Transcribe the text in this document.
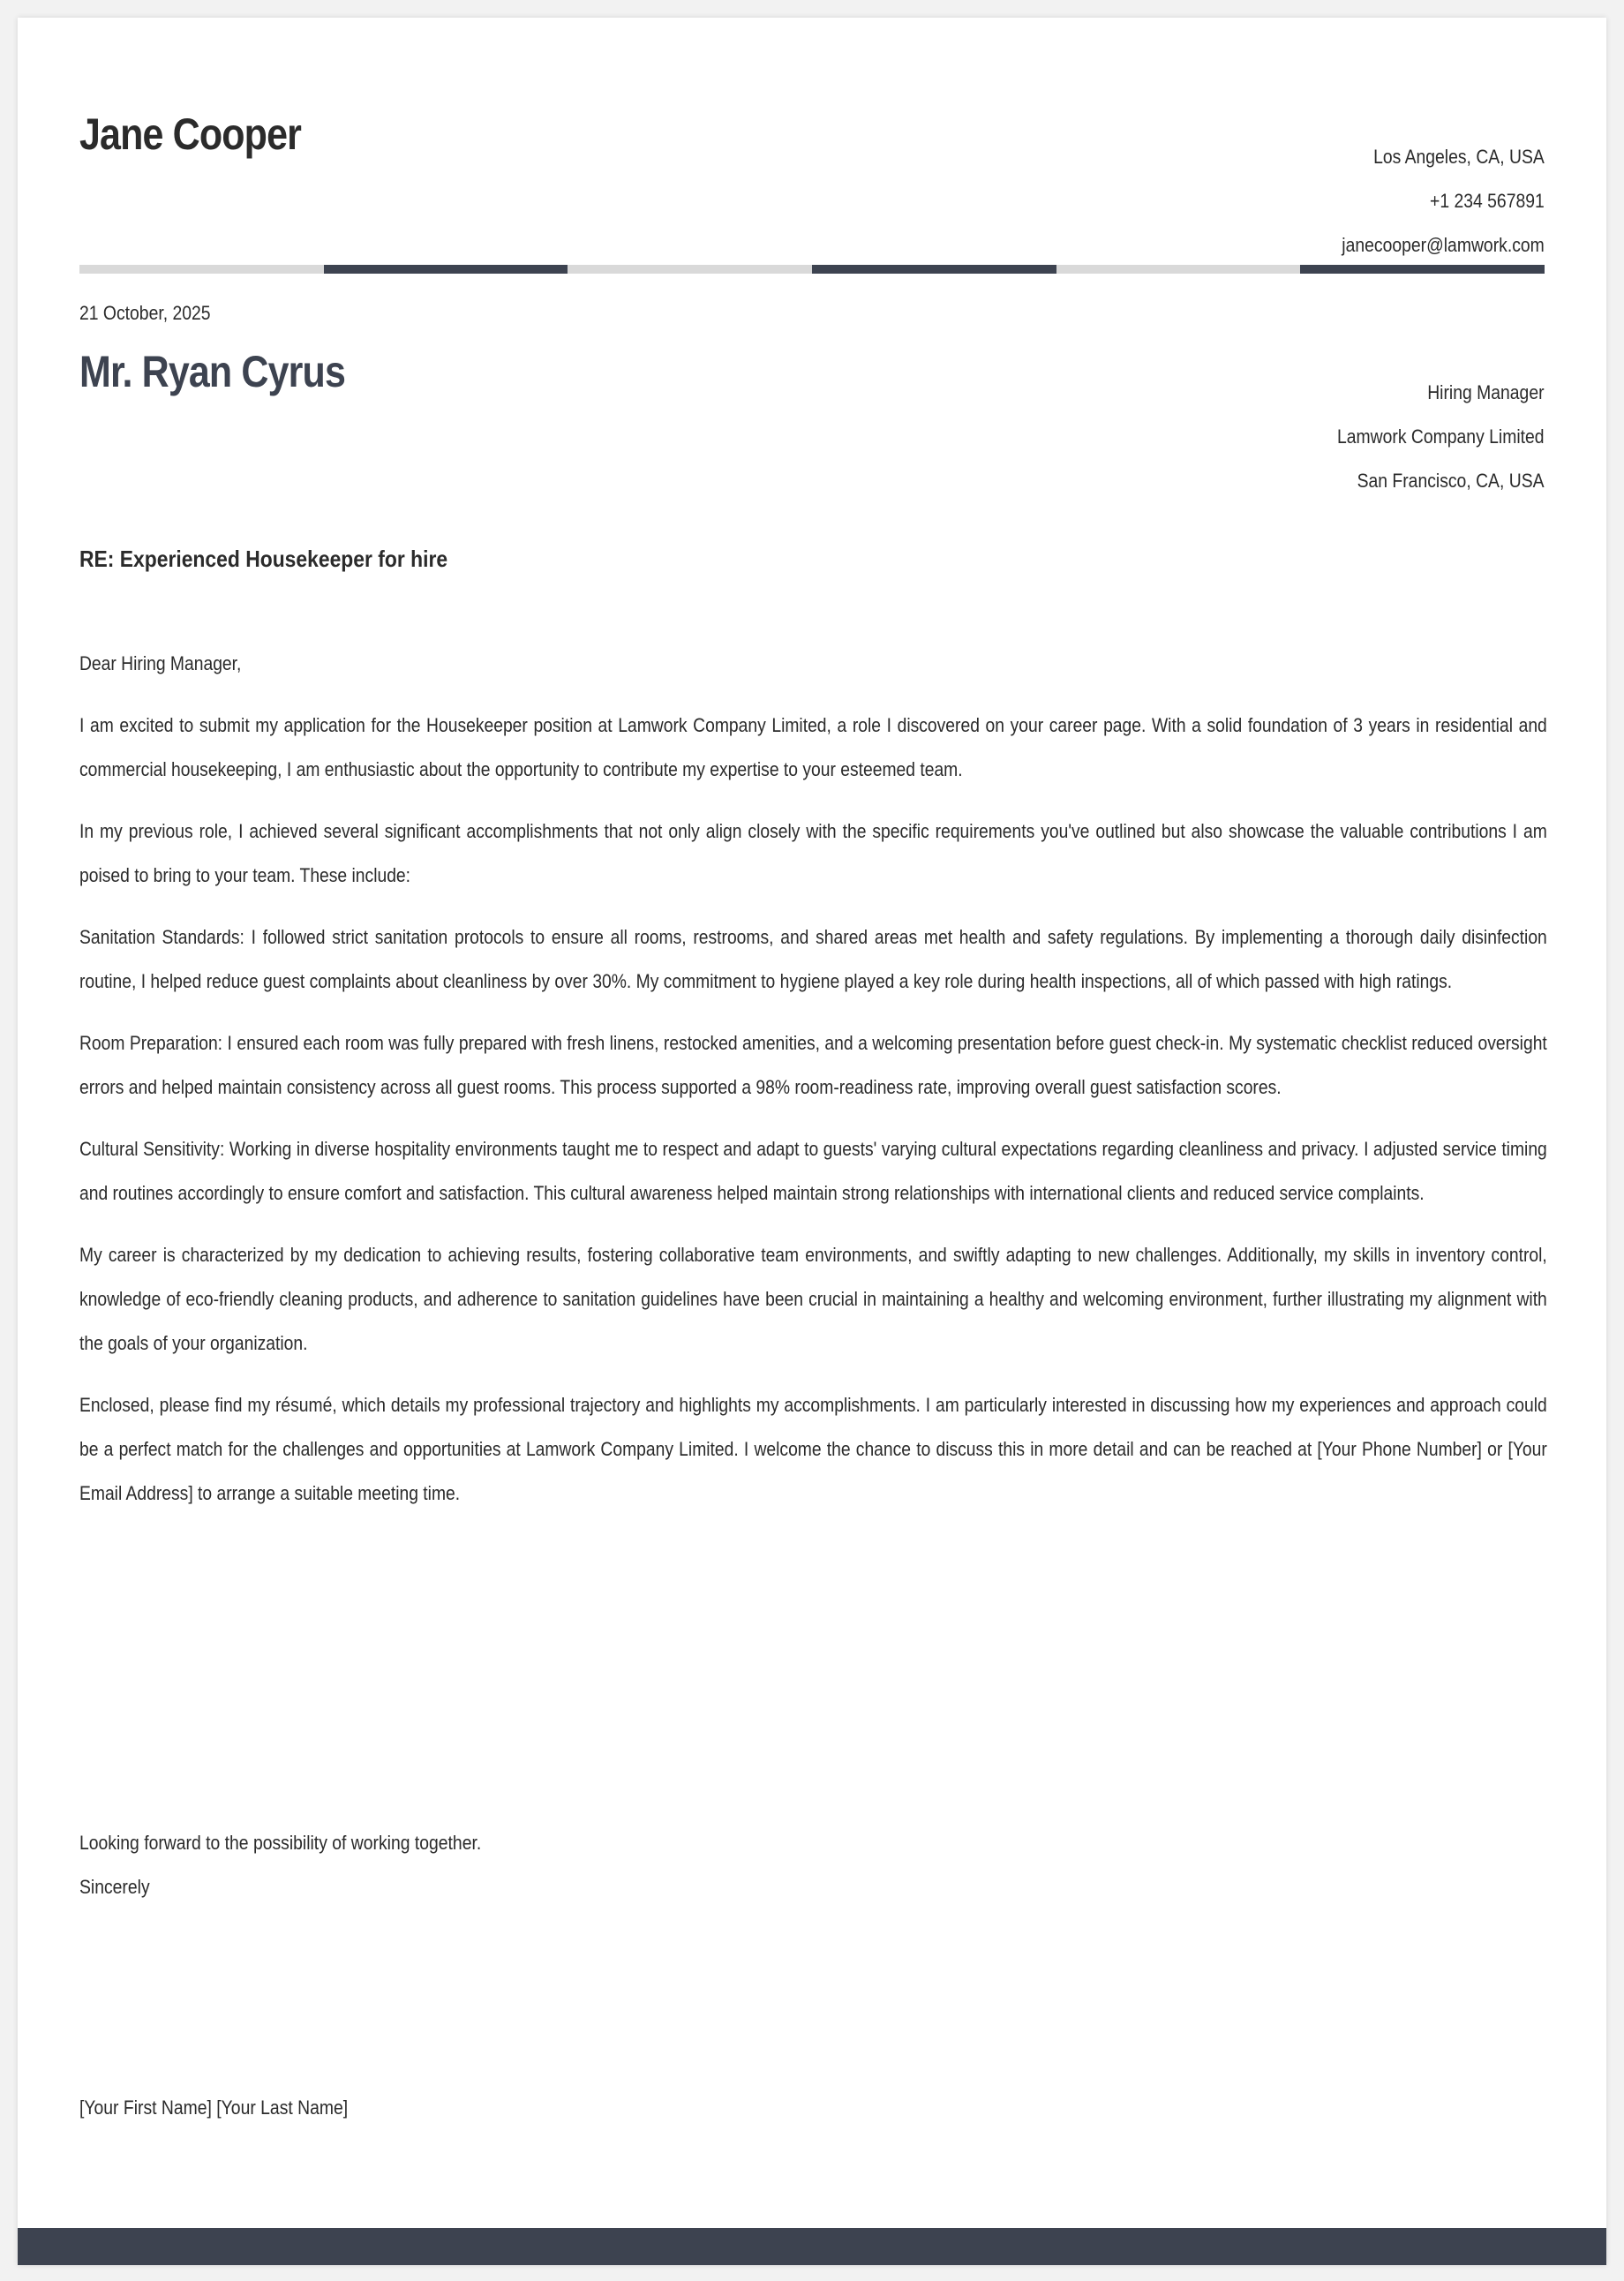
Jane Cooper	Los Angeles, CA, USA
+1 234 567891
janecooper@lamwork.com
21 October, 2025
Mr. Ryan Cyrus	Hiring Manager
Lamwork Company Limited
San Francisco, CA, USA
RE: Experienced Housekeeper for hire

Dear Hiring Manager,

I am excited to submit my application for the Housekeeper position at Lamwork Company Limited, a role I discovered on your career page. With a solid foundation of 3 years in residential and commercial housekeeping, I am enthusiastic about the opportunity to contribute my expertise to your esteemed team.

In my previous role, I achieved several significant accomplishments that not only align closely with the specific requirements you've outlined but also showcase the valuable contributions I am poised to bring to your team. These include:

Sanitation Standards: I followed strict sanitation protocols to ensure all rooms, restrooms, and shared areas met health and safety regulations. By implementing a thorough daily disinfection routine, I helped reduce guest complaints about cleanliness by over 30%. My commitment to hygiene played a key role during health inspections, all of which passed with high ratings.

Room Preparation: I ensured each room was fully prepared with fresh linens, restocked amenities, and a welcoming presentation before guest check-in. My systematic checklist reduced oversight errors and helped maintain consistency across all guest rooms. This process supported a 98% room-readiness rate, improving overall guest satisfaction scores.

Cultural Sensitivity: Working in diverse hospitality environments taught me to respect and adapt to guests' varying cultural expectations regarding cleanliness and privacy. I adjusted service timing and routines accordingly to ensure comfort and satisfaction. This cultural awareness helped maintain strong relationships with international clients and reduced service complaints.

My career is characterized by my dedication to achieving results, fostering collaborative team environments, and swiftly adapting to new challenges. Additionally, my skills in inventory control, knowledge of eco-friendly cleaning products, and adherence to sanitation guidelines have been crucial in maintaining a healthy and welcoming environment, further illustrating my alignment with the goals of your organization.

Enclosed, please find my résumé, which details my professional trajectory and highlights my accomplishments. I am particularly interested in discussing how my experiences and approach could be a perfect match for the challenges and opportunities at Lamwork Company Limited. I welcome the chance to discuss this in more detail and can be reached at [Your Phone Number] or [Your Email Address] to arrange a suitable meeting time.

Looking forward to the possibility of working together.
Sincerely
[Your First Name] [Your Last Name]
